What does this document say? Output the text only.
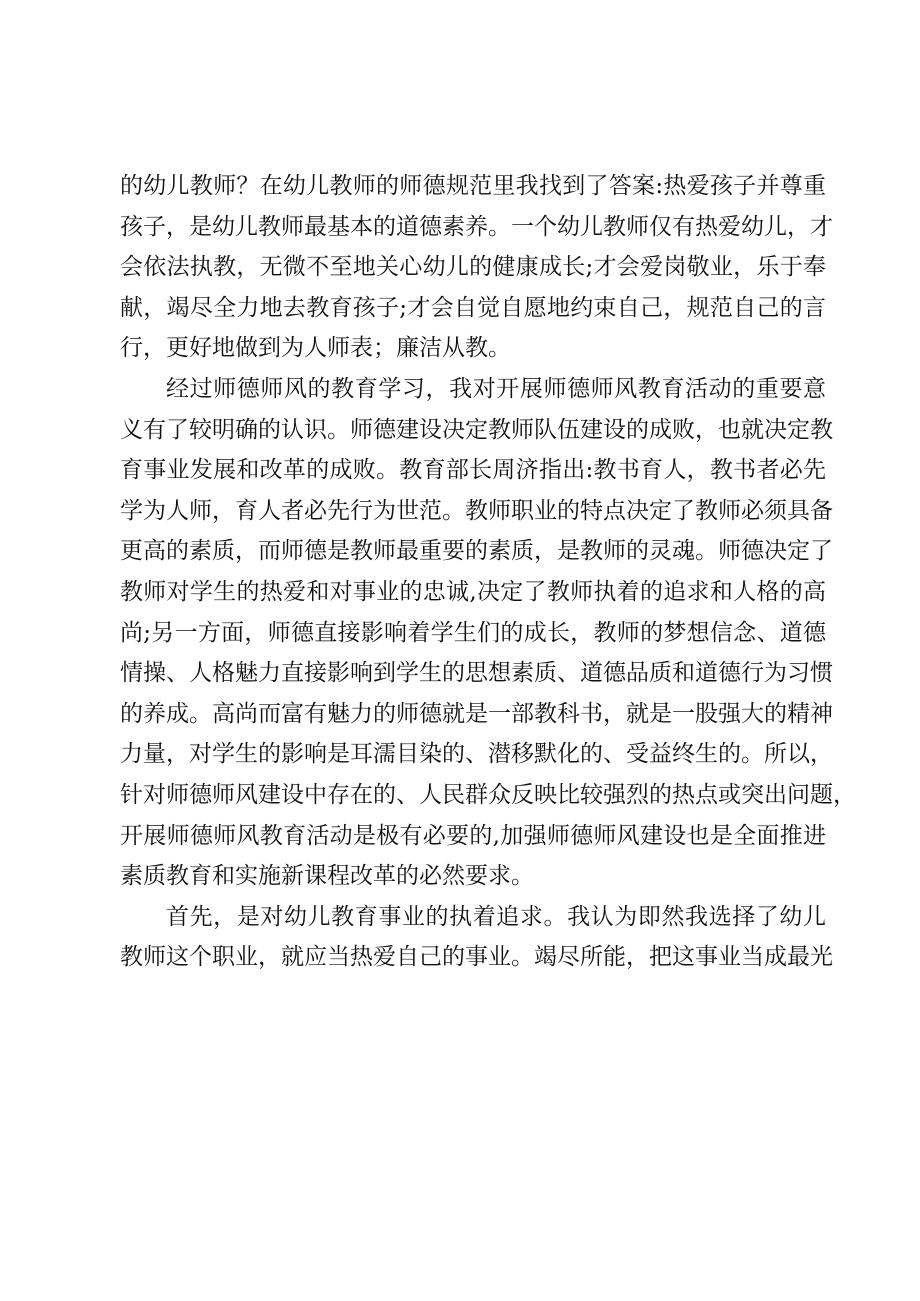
的幼儿教师？在幼儿教师的师德规范里我找到了答案:热爱孩子并尊重
孩子，是幼儿教师最基本的道德素养。一个幼儿教师仅有热爱幼儿，才
会依法执教，无微不至地关心幼儿的健康成长;才会爱岗敬业，乐于奉
献，竭尽全力地去教育孩子;才会自觉自愿地约束自己，规范自己的言
行，更好地做到为人师表；廉洁从教。
经过师德师风的教育学习，我对开展师德师风教育活动的重要意
义有了较明确的认识。师德建设决定教师队伍建设的成败，也就决定教
育事业发展和改革的成败。教育部长周济指出:教书育人，教书者必先
学为人师，育人者必先行为世范。教师职业的特点决定了教师必须具备
更高的素质，而师德是教师最重要的素质，是教师的灵魂。师德决定了
教师对学生的热爱和对事业的忠诚,决定了教师执着的追求和人格的高
尚;另一方面，师德直接影响着学生们的成长，教师的梦想信念、道德
情操、人格魅力直接影响到学生的思想素质、道德品质和道德行为习惯
的养成。高尚而富有魅力的师德就是一部教科书，就是一股强大的精神
力量，对学生的影响是耳濡目染的、潜移默化的、受益终生的。所以，
针对师德师风建设中存在的、人民群众反映比较强烈的热点或突出问题，
开展师德师风教育活动是极有必要的,加强师德师风建设也是全面推进
素质教育和实施新课程改革的必然要求。
首先，是对幼儿教育事业的执着追求。我认为即然我选择了幼儿
教师这个职业，就应当热爱自己的事业。竭尽所能，把这事业当成最光
